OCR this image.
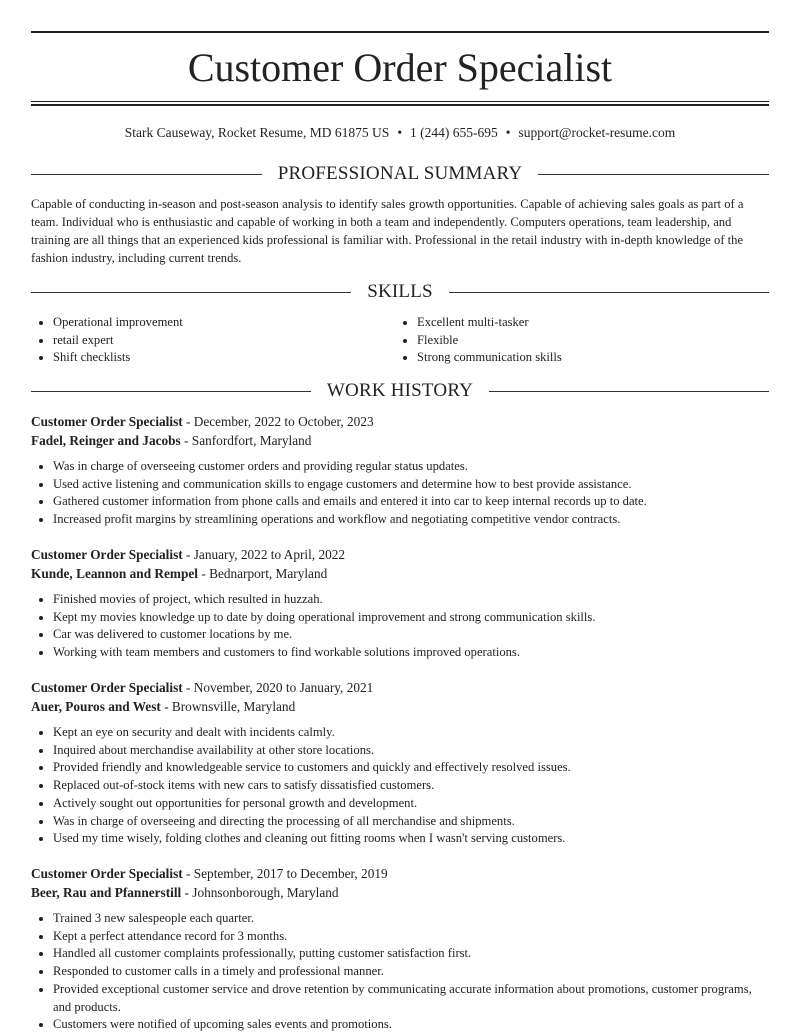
Customer Order Specialist
Stark Causeway, Rocket Resume, MD 61875 US • 1 (244) 655-695 • support@rocket-resume.com
PROFESSIONAL SUMMARY

Capable of conducting in-season and post-season analysis to identify sales growth opportunities. Capable of achieving sales goals as part of a team. Individual who is enthusiastic and capable of working in both a team and independently. Computers operations, team leadership, and training are all things that an experienced kids professional is familiar with. Professional in the retail industry with in-depth knowledge of the fashion industry, including current trends.

SKILLS
Operational improvement
retail expert
Shift checklists
Excellent multi-tasker
Flexible
Strong communication skills
WORK HISTORY
Customer Order Specialist - December, 2022 to October, 2023
Fadel, Reinger and Jacobs - Sanfordfort, Maryland
Was in charge of overseeing customer orders and providing regular status updates.
Used active listening and communication skills to engage customers and determine how to best provide assistance.
Gathered customer information from phone calls and emails and entered it into car to keep internal records up to date.
Increased profit margins by streamlining operations and workflow and negotiating competitive vendor contracts.
Customer Order Specialist - January, 2022 to April, 2022
Kunde, Leannon and Rempel - Bednarport, Maryland
Finished movies of project, which resulted in huzzah.
Kept my movies knowledge up to date by doing operational improvement and strong communication skills.
Car was delivered to customer locations by me.
Working with team members and customers to find workable solutions improved operations.
Customer Order Specialist - November, 2020 to January, 2021
Auer, Pouros and West - Brownsville, Maryland
Kept an eye on security and dealt with incidents calmly.
Inquired about merchandise availability at other store locations.
Provided friendly and knowledgeable service to customers and quickly and effectively resolved issues.
Replaced out-of-stock items with new cars to satisfy dissatisfied customers.
Actively sought out opportunities for personal growth and development.
Was in charge of overseeing and directing the processing of all merchandise and shipments.
Used my time wisely, folding clothes and cleaning out fitting rooms when I wasn't serving customers.
Customer Order Specialist - September, 2017 to December, 2019
Beer, Rau and Pfannerstill - Johnsonborough, Maryland
Trained 3 new salespeople each quarter.
Kept a perfect attendance record for 3 months.
Handled all customer complaints professionally, putting customer satisfaction first.
Responded to customer calls in a timely and professional manner.
Provided exceptional customer service and drove retention by communicating accurate information about promotions, customer programs, and products.
Customers were notified of upcoming sales events and promotions.
